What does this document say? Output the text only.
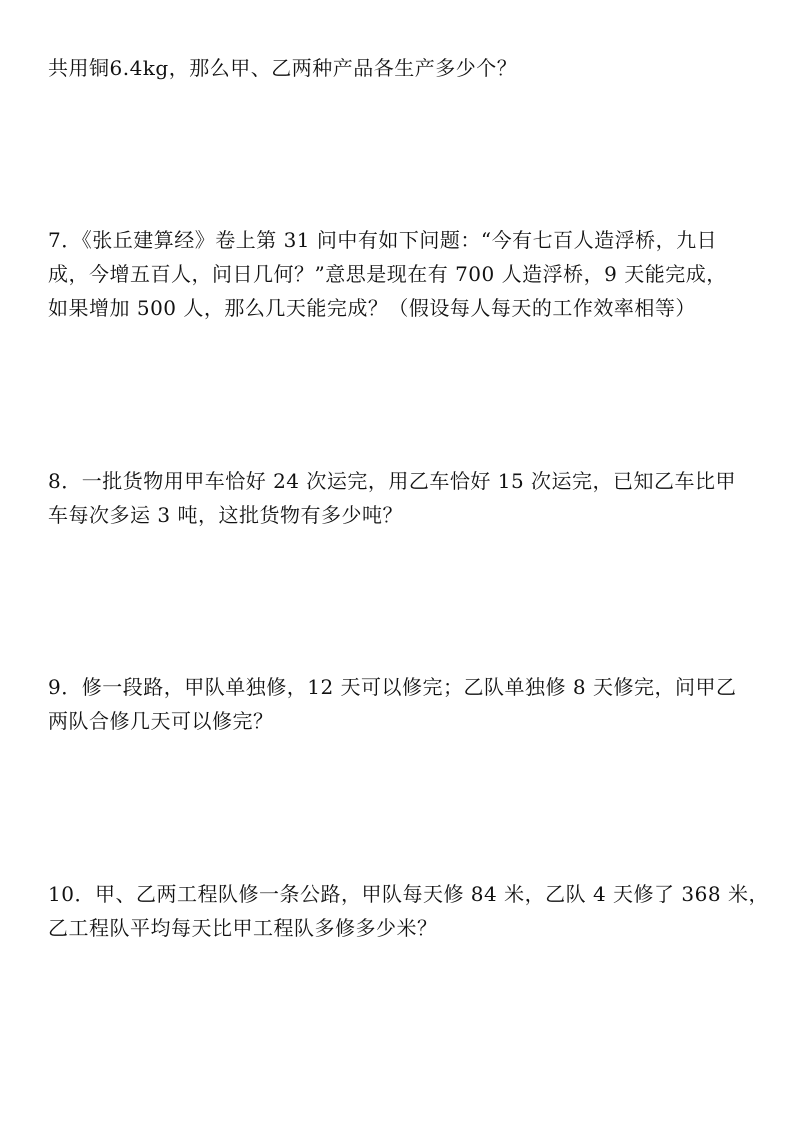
共用铜6.4kg，那么甲、乙两种产品各生产多少个？
7．《张丘建算经》卷上第 31 问中有如下问题：“今有七百人造浮桥，九日
成，今增五百人，问日几何？”意思是现在有 700 人造浮桥，9 天能完成，
如果增加 500 人，那么几天能完成？（假设每人每天的工作效率相等）
8．一批货物用甲车恰好 24 次运完，用乙车恰好 15 次运完，已知乙车比甲
车每次多运 3 吨，这批货物有多少吨？
9．修一段路，甲队单独修，12 天可以修完；乙队单独修 8 天修完，问甲乙
两队合修几天可以修完？
10．甲、乙两工程队修一条公路，甲队每天修 84 米，乙队 4 天修了 368 米，
乙工程队平均每天比甲工程队多修多少米？
